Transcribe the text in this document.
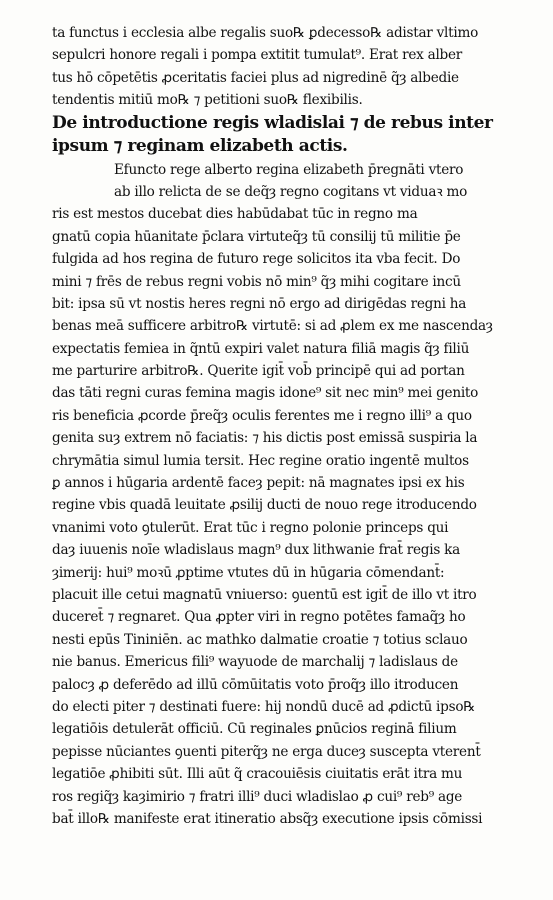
ta functus i ecclesia albe regalis suo℞ ꝑdecesso℞ adistar vltimo
sepulcri honore regali i pompa extitit tumulat⁹. Erat rex alber
tus hō cōpetētis ꝓceritatis faciei plus ad nigredinē q̃ȝ albedie
tendentis mitiū mo℞ ⁊ petitioni suo℞ flexibilis.
De introductione regis wladislai ⁊ de rebus inter
ipsum ⁊ reginam elizabeth actis.
Efuncto rege alberto regina elizabeth p̄regnāti vtero
ab illo relicta de se deq̃ȝ regno cogitans vt viduaꝛ mo
ris est mestos ducebat dies habūdabat tūc in regno ma
gnatū copia hūanitate p̄clara virtuteq̃ȝ tū consilij tū militie p̄e
fulgida ad hos regina de futuro rege solicitos ita vba fecit. Do
mini ⁊ frēs de rebus regni vobis nō min⁹ q̃ȝ mihi cogitare incū
bit: ipsa sū vt nostis heres regni nō ergo ad dirigēdas regni ha
benas meā sufficere arbitro℞ virtutē: si ad ꝓlem ex me nascendaȝ
expectatis femiea in q̃ntū expiri valet natura filiā magis q̃ȝ filiū
me parturire arbitro℞. Querite igit̄ vob̄ principē qui ad portan
das tāti regni curas femina magis idone⁹ sit nec min⁹ mei genito
ris beneficia ꝓcorde p̄req̃ȝ oculis ferentes me i regno illi⁹ a quo
genita suȝ extrem nō faciatis: ⁊ his dictis post emissā suspiria la
chrymātia simul lumia tersit. Hec regine oratio ingentē multos
ꝑ annos i hūgaria ardentē faceȝ pepit: nā magnates ipsi ex his
regine vbis quadā leuitate ꝓsilij ducti de nouo rege itroducendo
vnanimi voto ꝯtulerūt. Erat tūc i regno polonie princeps qui
daȝ iuuenis noīe wladislaus magn⁹ dux lithwanie frat̄ regis ka
ȝimerij: hui⁹ moꝛū ꝓptime vtutes dū in hūgaria cōmendant̄:
placuit ille cetui magnatū vniuerso: ꝯuentū est igit̄ de illo vt itro
duceret̄ ⁊ regnaret. Qua ꝓpter viri in regno potētes famaq̃ȝ ho
nesti epūs Tininiēn. ac mathko dalmatie croatie ⁊ totius sclauo
nie banus. Emericus fili⁹ wayuode de marchalij ⁊ ladislaus de
palocȝ ꝓ deferēdo ad illū cōmūitatis voto p̄roq̃ȝ illo itroducen
do electi piter ⁊ destinati fuere: hij nondū ducē ad ꝓdictū ipso℞
legatiōis detulerāt officiū. Cū reginales ꝑnūcios reginā filium
pepisse nūciantes ꝯuenti piterq̃ȝ ne erga duceȝ suscepta vterent̄
legatiōe ꝓhibiti sūt. Illi aūt q̃ cracouiēsis ciuitatis erāt itra mu
ros regiq̃ȝ kaȝimirio ⁊ fratri illi⁹ duci wladislao ꝓ cui⁹ reb⁹ age
bat̄ illo℞ manifeste erat itineratio absq̃ȝ executione ipsis cōmissi
